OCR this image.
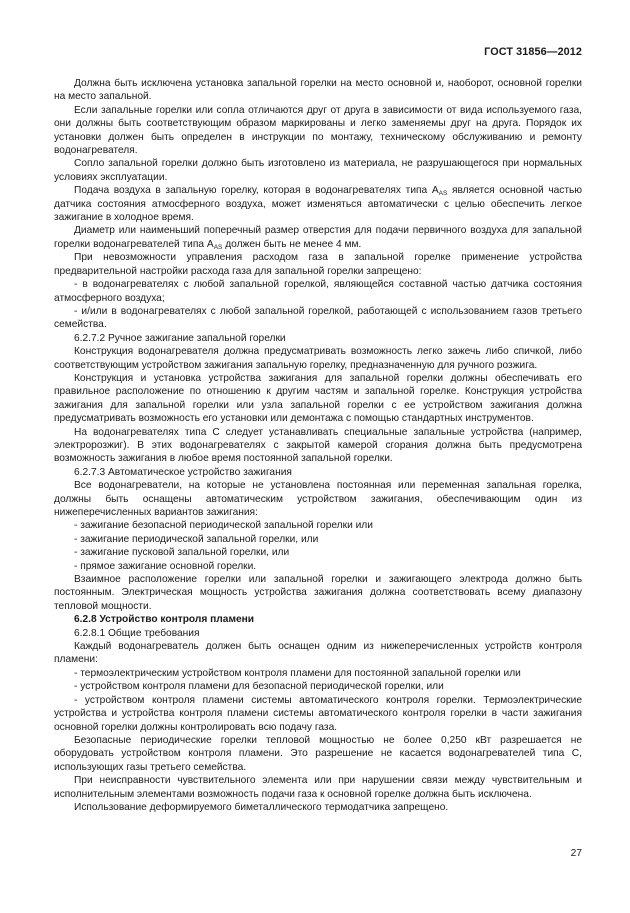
ГОСТ 31856—2012

Должна быть исключена установка запальной горелки на место основной и, наоборот, основной горелки на место запальной.

Если запальные горелки или сопла отличаются друг от друга в зависимости от вида используемого газа, они должны быть соответствующим образом маркированы и легко заменяемы друг на друга. Порядок их установки должен быть определен в инструкции по монтажу, техническому обслуживанию и ремонту водонагревателя.

Сопло запальной горелки должно быть изготовлено из материала, не разрушающегося при нормальных условиях эксплуатации.

Подача воздуха в запальную горелку, которая в водонагревателях типа $A_{AS}$ является основной частью датчика состояния атмосферного воздуха, может изменяться автоматически с целью обеспечить легкое зажигание в холодное время.

Диаметр или наименьший поперечный размер отверстия для подачи первичного воздуха для запальной горелки водонагревателей типа $A_{AS}$ должен быть не менее 4 мм.

При невозможности управления расходом газа в запальной горелке применение устройства предварительной настройки расхода газа для запальной горелки запрещено:

- в водонагревателях с любой запальной горелкой, являющейся составной частью датчика состояния атмосферного воздуха;

- и/или в водонагревателях с любой запальной горелкой, работающей с использованием газов третьего семейства.

6.2.7.2 Ручное зажигание запальной горелки

Конструкция водонагревателя должна предусматривать возможность легко зажечь либо спичкой, либо соответствующим устройством зажигания запальную горелку, предназначенную для ручного розжига.

Конструкция и установка устройства зажигания для запальной горелки должны обеспечивать его правильное расположение по отношению к другим частям и запальной горелке. Конструкция устройства зажигания для запальной горелки или узла запальной горелки с ее устройством зажигания должна предусматривать возможность его установки или демонтажа с помощью стандартных инструментов.

На водонагревателях типа С следует устанавливать специальные запальные устройства (например, электророзжиг). В этих водонагревателях с закрытой камерой сгорания должна быть предусмотрена возможность зажигания в любое время постоянной запальной горелки.

6.2.7.3 Автоматическое устройство зажигания

Все водонагреватели, на которые не установлена постоянная или переменная запальная горелка, должны быть оснащены автоматическим устройством зажигания, обеспечивающим один из нижеперечисленных вариантов зажигания:

- зажигание безопасной периодической запальной горелки или

- зажигание периодической запальной горелки, или

- зажигание пусковой запальной горелки, или

- прямое зажигание основной горелки.

Взаимное расположение горелки или запальной горелки и зажигающего электрода должно быть постоянным. Электрическая мощность устройства зажигания должна соответствовать всему диапазону тепловой мощности.

6.2.8 Устройство контроля пламени

6.2.8.1 Общие требования

Каждый водонагреватель должен быть оснащен одним из нижеперечисленных устройств контроля пламени:

- термоэлектрическим устройством контроля пламени для постоянной запальной горелки или

- устройством контроля пламени для безопасной периодической горелки, или

- устройством контроля пламени системы автоматического контроля горелки. Термоэлектрические устройства и устройства контроля пламени системы автоматического контроля горелки в части зажигания основной горелки должны контролировать всю подачу газа.

Безопасные периодические горелки тепловой мощностью не более 0,250 кВт разрешается не оборудовать устройством контроля пламени. Это разрешение не касается водонагревателей типа С, использующих газы третьего семейства.

При неисправности чувствительного элемента или при нарушении связи между чувствительным и исполнительным элементами возможность подачи газа к основной горелке должна быть исключена.

Использование деформируемого биметаллического термодатчика запрещено.

27
